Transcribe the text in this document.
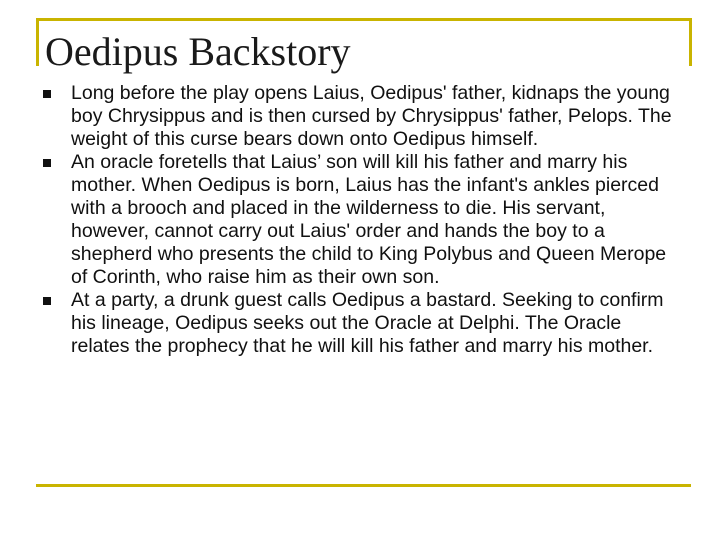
Oedipus Backstory
Long before the play opens Laius, Oedipus' father, kidnaps the young boy Chrysippus and is then cursed by Chrysippus' father, Pelops. The weight of this curse bears down onto Oedipus himself.
An oracle foretells that Laius’ son will kill his father and marry his mother. When Oedipus is born, Laius has the infant's ankles pierced with a brooch and placed in the wilderness to die. His servant, however, cannot carry out Laius' order and hands the boy to a shepherd who presents the child to King Polybus and Queen Merope of Corinth, who raise him as their own son.
At a party, a drunk guest calls Oedipus a bastard. Seeking to confirm his lineage, Oedipus seeks out the Oracle at Delphi. The Oracle relates the prophecy that he will kill his father and marry his mother.
